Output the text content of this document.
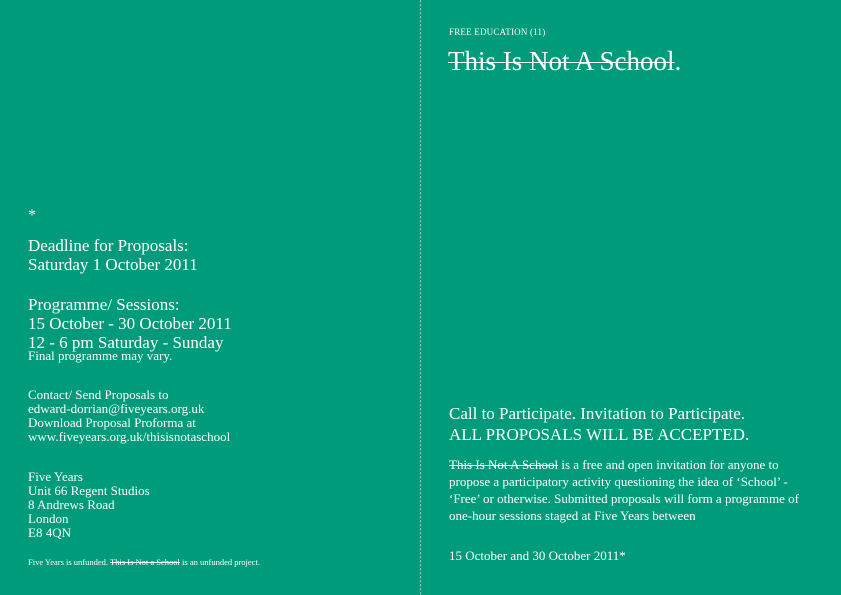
*

Deadline for Proposals:

Saturday 1 October 2011

Programme/ Sessions:

15 October - 30 October 2011

12 - 6 pm Saturday - Sunday

Final programme may vary.

Contact/ Send Proposals to

edward-dorrian@fiveyears.org.uk

Download Proposal Proforma at

www.fiveyears.org.uk/thisisnotaschool

Five Years

Unit 66 Regent Studios

8 Andrews Road

London

E8 4QN

Five Years is unfunded. This Is Not a School is an unfunded project.

FREE EDUCATION (11)

This Is Not A School.

Call to Participate. Invitation to Participate.
ALL PROPOSALS WILL BE ACCEPTED.

This Is Not A School is a free and open invitation for anyone to propose a participatory activity questioning the idea of ‘School’ - ‘Free’ or otherwise. Submitted proposals will form a programme of one-hour sessions staged at Five Years between

15 October and 30 October 2011*
